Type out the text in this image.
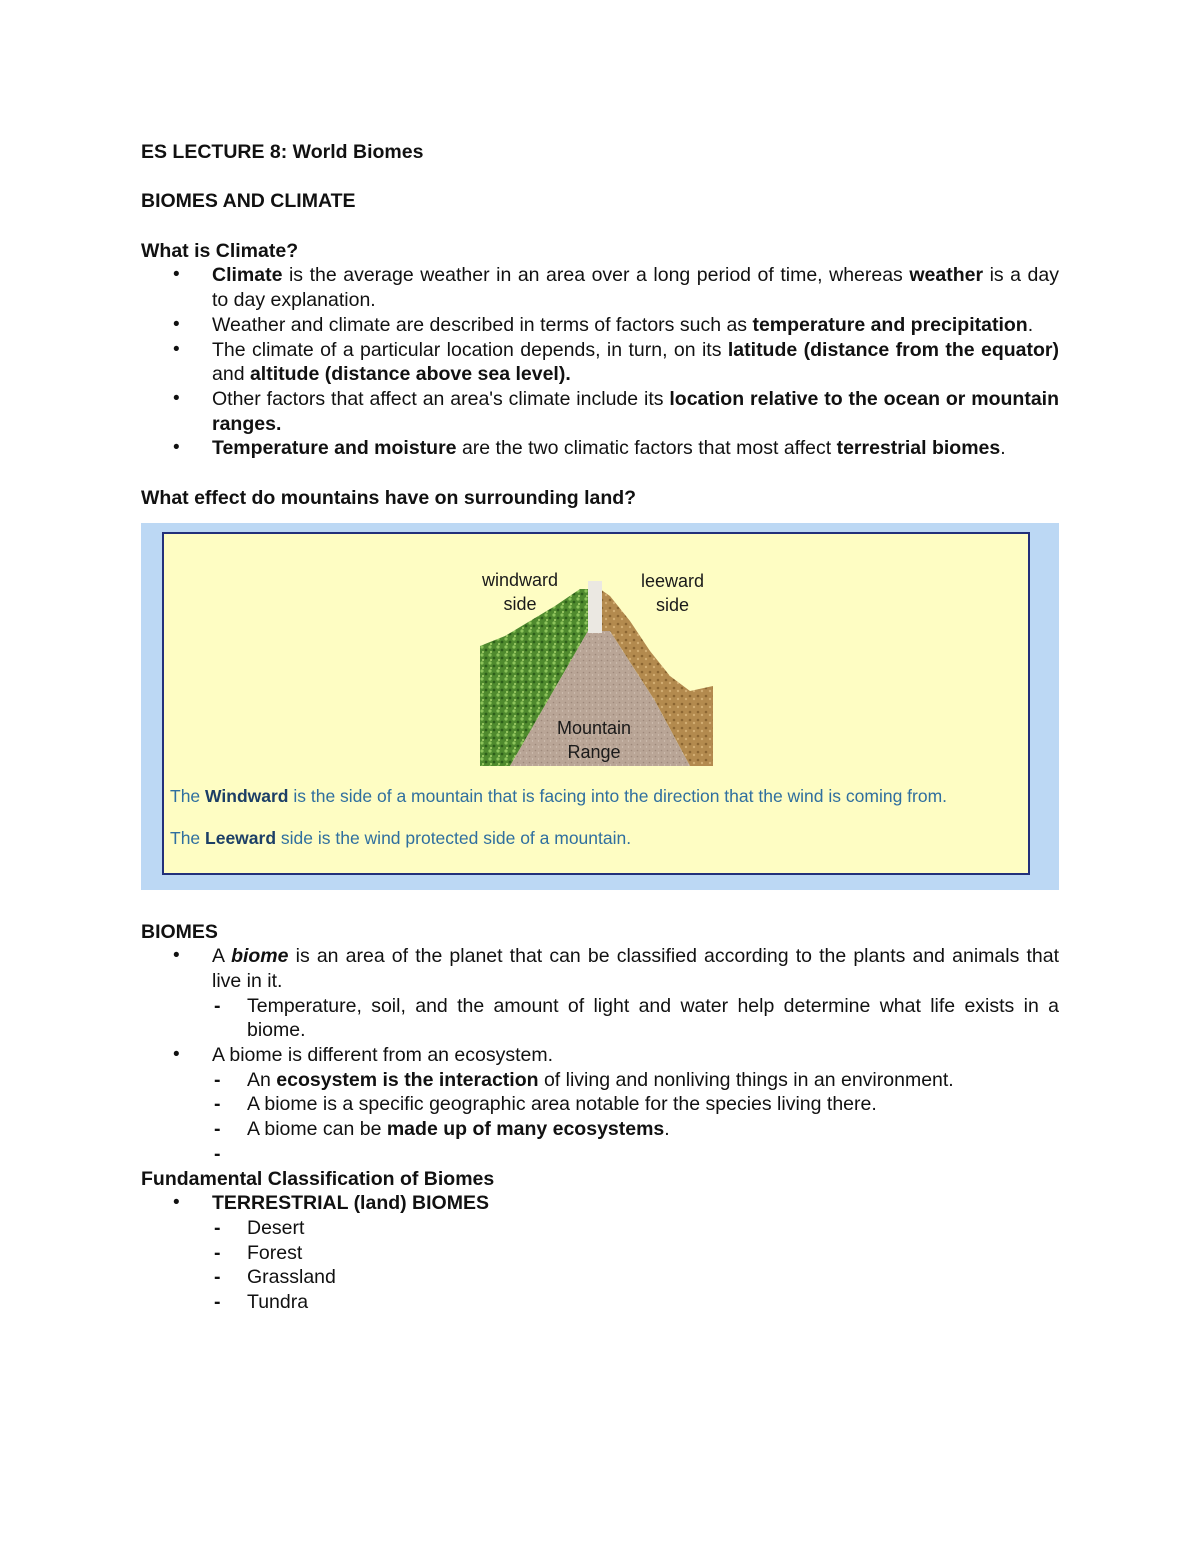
ES LECTURE 8: World Biomes

BIOMES AND CLIMATE

What is Climate?

• Climate is the average weather in an area over a long period of time, whereas weather is a day to day explanation.
• Weather and climate are described in terms of factors such as temperature and precipitation.
• The climate of a particular location depends, in turn, on its latitude (distance from the equator) and altitude (distance above sea level).
• Other factors that affect an area's climate include its location relative to the ocean or mountain ranges.
• Temperature and moisture are the two climatic factors that most affect terrestrial biomes.

What effect do mountains have on surrounding land?

windward
side
leeward
side
Mountain
Range
The Windward is the side of a mountain that is facing into the direction that the wind is coming from.
The Leeward side is the wind protected side of a mountain.

BIOMES

• A biome is an area of the planet that can be classified according to the plants and animals that live in it.
- Temperature, soil, and the amount of light and water help determine what life exists in a biome.
• A biome is different from an ecosystem.
- An ecosystem is the interaction of living and nonliving things in an environment.
- A biome is a specific geographic area notable for the species living there.
- A biome can be made up of many ecosystems.
-

Fundamental Classification of Biomes

• TERRESTRIAL (land) BIOMES
- Desert
- Forest
- Grassland
- Tundra
